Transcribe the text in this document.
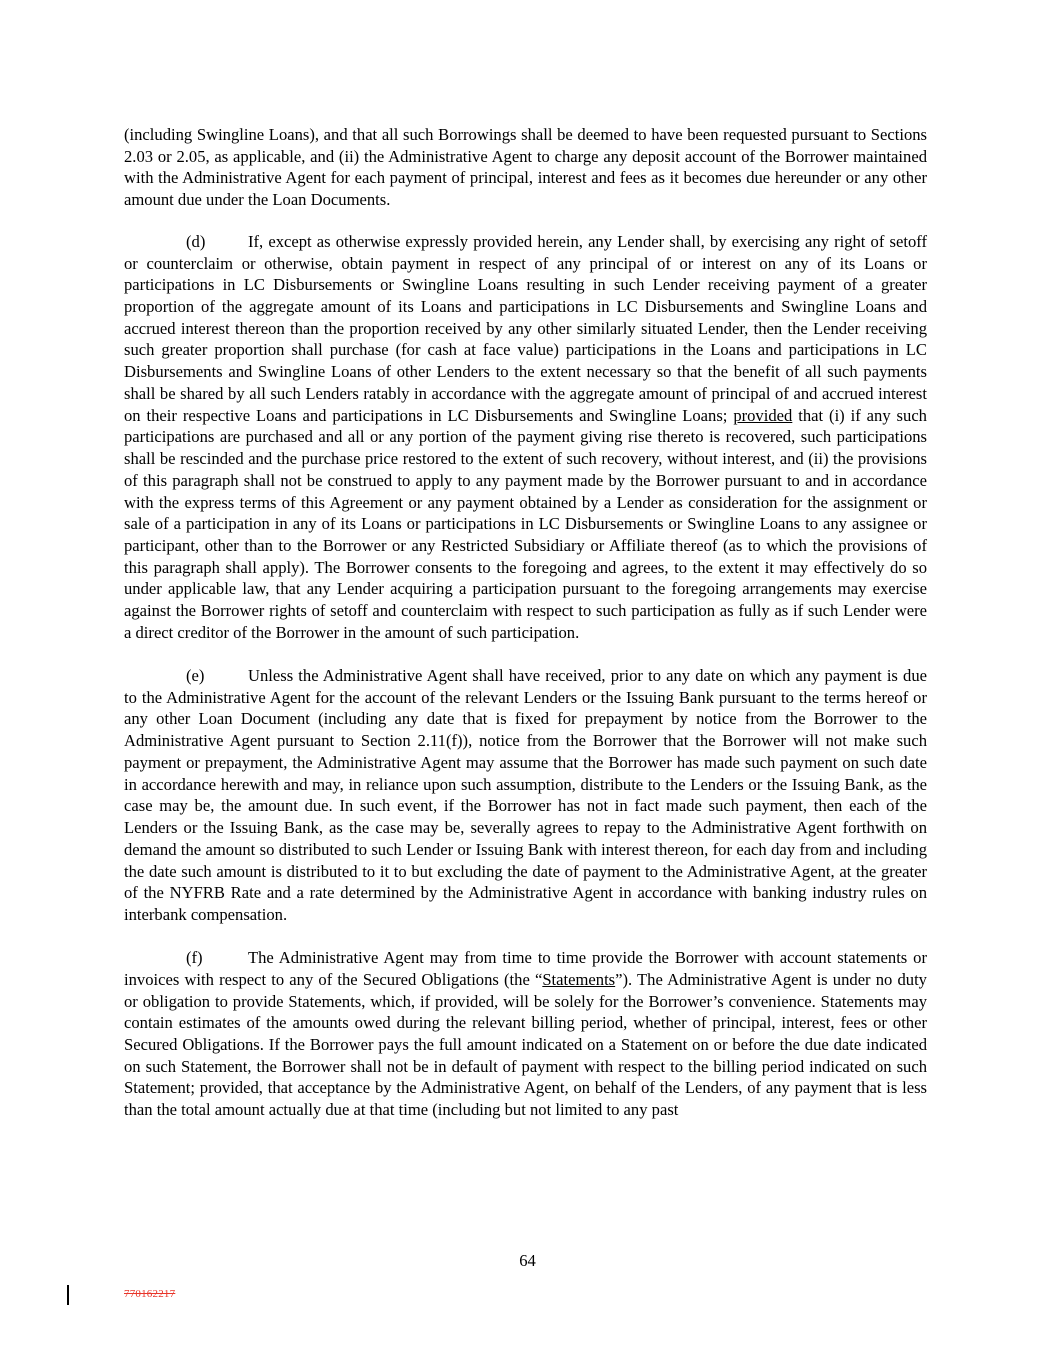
(including Swingline Loans), and that all such Borrowings shall be deemed to have been requested pursuant to Sections 2.03 or 2.05, as applicable, and (ii) the Administrative Agent to charge any deposit account of the Borrower maintained with the Administrative Agent for each payment of principal, interest and fees as it becomes due hereunder or any other amount due under the Loan Documents.

(d)	If, except as otherwise expressly provided herein, any Lender shall, by exercising any right of setoff or counterclaim or otherwise, obtain payment in respect of any principal of or interest on any of its Loans or participations in LC Disbursements or Swingline Loans resulting in such Lender receiving payment of a greater proportion of the aggregate amount of its Loans and participations in LC Disbursements and Swingline Loans and accrued interest thereon than the proportion received by any other similarly situated Lender, then the Lender receiving such greater proportion shall purchase (for cash at face value) participations in the Loans and participations in LC Disbursements and Swingline Loans of other Lenders to the extent necessary so that the benefit of all such payments shall be shared by all such Lenders ratably in accordance with the aggregate amount of principal of and accrued interest on their respective Loans and participations in LC Disbursements and Swingline Loans; provided that (i) if any such participations are purchased and all or any portion of the payment giving rise thereto is recovered, such participations shall be rescinded and the purchase price restored to the extent of such recovery, without interest, and (ii) the provisions of this paragraph shall not be construed to apply to any payment made by the Borrower pursuant to and in accordance with the express terms of this Agreement or any payment obtained by a Lender as consideration for the assignment or sale of a participation in any of its Loans or participations in LC Disbursements or Swingline Loans to any assignee or participant, other than to the Borrower or any Restricted Subsidiary or Affiliate thereof (as to which the provisions of this paragraph shall apply). The Borrower consents to the foregoing and agrees, to the extent it may effectively do so under applicable law, that any Lender acquiring a participation pursuant to the foregoing arrangements may exercise against the Borrower rights of setoff and counterclaim with respect to such participation as fully as if such Lender were a direct creditor of the Borrower in the amount of such participation.

(e)	Unless the Administrative Agent shall have received, prior to any date on which any payment is due to the Administrative Agent for the account of the relevant Lenders or the Issuing Bank pursuant to the terms hereof or any other Loan Document (including any date that is fixed for prepayment by notice from the Borrower to the Administrative Agent pursuant to Section 2.11(f)), notice from the Borrower that the Borrower will not make such payment or prepayment, the Administrative Agent may assume that the Borrower has made such payment on such date in accordance herewith and may, in reliance upon such assumption, distribute to the Lenders or the Issuing Bank, as the case may be, the amount due. In such event, if the Borrower has not in fact made such payment, then each of the Lenders or the Issuing Bank, as the case may be, severally agrees to repay to the Administrative Agent forthwith on demand the amount so distributed to such Lender or Issuing Bank with interest thereon, for each day from and including the date such amount is distributed to it to but excluding the date of payment to the Administrative Agent, at the greater of the NYFRB Rate and a rate determined by the Administrative Agent in accordance with banking industry rules on interbank compensation.

(f)	The Administrative Agent may from time to time provide the Borrower with account statements or invoices with respect to any of the Secured Obligations (the “Statements”). The Administrative Agent is under no duty or obligation to provide Statements, which, if provided, will be solely for the Borrower’s convenience. Statements may contain estimates of the amounts owed during the relevant billing period, whether of principal, interest, fees or other Secured Obligations. If the Borrower pays the full amount indicated on a Statement on or before the due date indicated on such Statement, the Borrower shall not be in default of payment with respect to the billing period indicated on such Statement; provided, that acceptance by the Administrative Agent, on behalf of the Lenders, of any payment that is less than the total amount actually due at that time (including but not limited to any past

64
770162217
